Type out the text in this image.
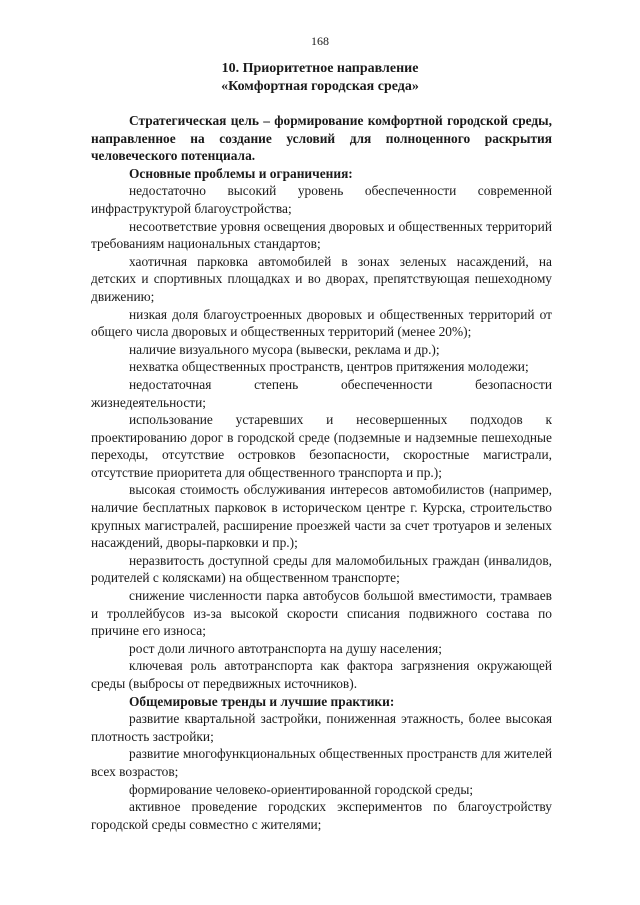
168
10. Приоритетное направление
«Комфортная городская среда»

Стратегическая цель – формирование комфортной городской среды, направленное на создание условий для полноценного раскрытия человеческого потенциала.

Основные проблемы и ограничения:

недостаточно высокий уровень обеспеченности современной инфраструктурой благоустройства;

несоответствие уровня освещения дворовых и общественных территорий требованиям национальных стандартов;

хаотичная парковка автомобилей в зонах зеленых насаждений, на детских и спортивных площадках и во дворах, препятствующая пешеходному движению;

низкая доля благоустроенных дворовых и общественных территорий от общего числа дворовых и общественных территорий (менее 20%);

наличие визуального мусора (вывески, реклама и др.);

нехватка общественных пространств, центров притяжения молодежи;

недостаточная степень обеспеченности безопасности жизнедеятельности;

использование устаревших и несовершенных подходов к проектированию дорог в городской среде (подземные и надземные пешеходные переходы, отсутствие островков безопасности, скоростные магистрали, отсутствие приоритета для общественного транспорта и пр.);

высокая стоимость обслуживания интересов автомобилистов (например, наличие бесплатных парковок в историческом центре г. Курска, строительство крупных магистралей, расширение проезжей части за счет тротуаров и зеленых насаждений, дворы-парковки и пр.);

неразвитость доступной среды для маломобильных граждан (инвалидов, родителей с колясками) на общественном транспорте;

снижение численности парка автобусов большой вместимости, трамваев и троллейбусов из-за высокой скорости списания подвижного состава по причине его износа;

рост доли личного автотранспорта на душу населения;

ключевая роль автотранспорта как фактора загрязнения окружающей среды (выбросы от передвижных источников).

Общемировые тренды и лучшие практики:

развитие квартальной застройки, пониженная этажность, более высокая плотность застройки;

развитие многофункциональных общественных пространств для жителей всех возрастов;

формирование человеко-ориентированной городской среды;

активное проведение городских экспериментов по благоустройству городской среды совместно с жителями;
